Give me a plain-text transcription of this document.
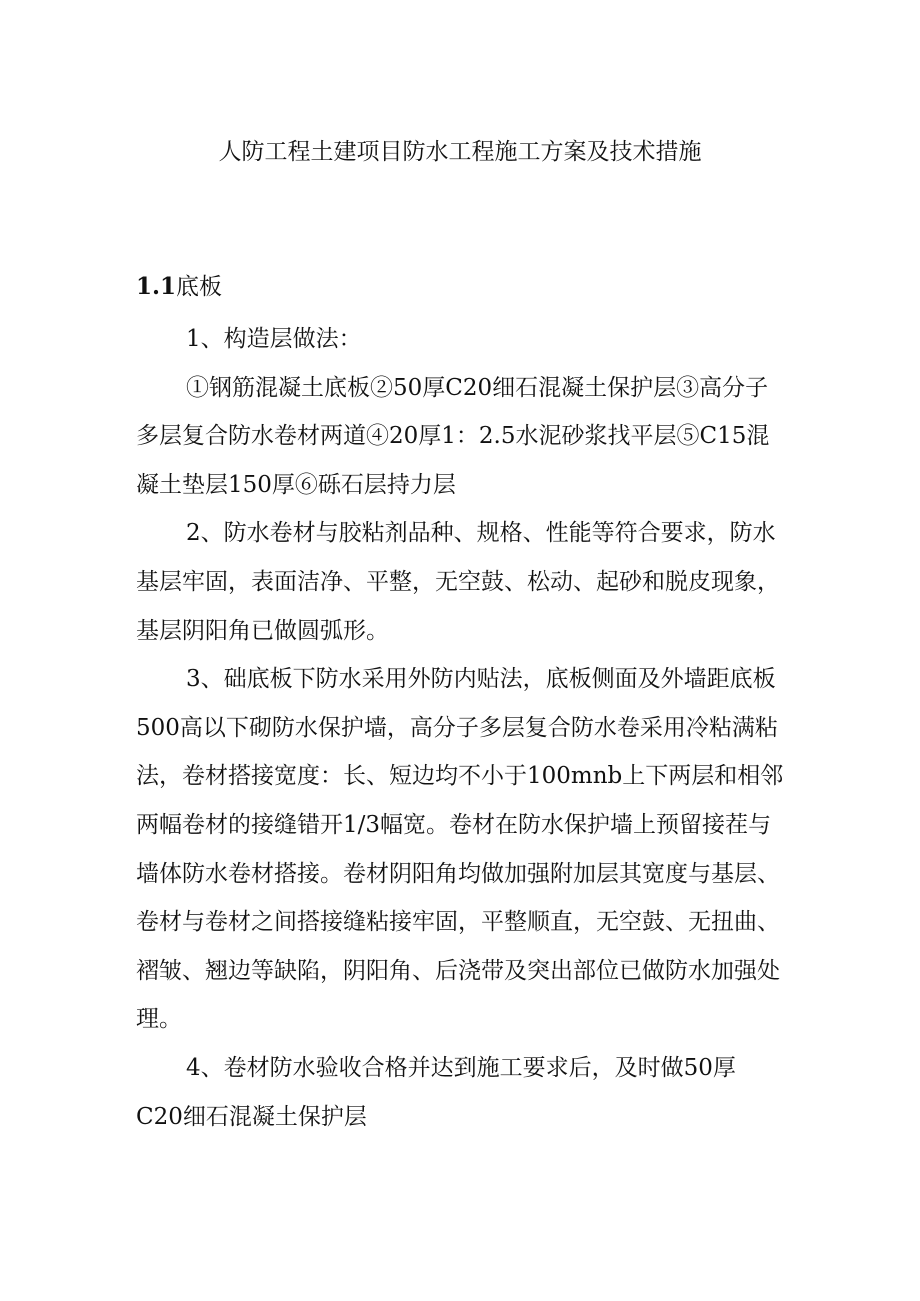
人防工程土建项目防水工程施工方案及技术措施
1.1底板
1、构造层做法：
①钢筋混凝土底板②50厚C20细石混凝土保护层③高分子
多层复合防水卷材两道④20厚1：2.5水泥砂浆找平层⑤C15混
凝土垫层150厚⑥砾石层持力层
2、防水卷材与胶粘剂品种、规格、性能等符合要求，防水
基层牢固，表面洁净、平整，无空鼓、松动、起砂和脱皮现象，
基层阴阳角已做圆弧形。
3、础底板下防水采用外防内贴法，底板侧面及外墙距底板
500高以下砌防水保护墙，高分子多层复合防水卷采用冷粘满粘
法，卷材搭接宽度：长、短边均不小于100mnb上下两层和相邻
两幅卷材的接缝错开1/3幅宽。卷材在防水保护墙上预留接茬与
墙体防水卷材搭接。卷材阴阳角均做加强附加层其宽度与基层、
卷材与卷材之间搭接缝粘接牢固，平整顺直，无空鼓、无扭曲、
褶皱、翘边等缺陷，阴阳角、后浇带及突出部位已做防水加强处
理。
4、卷材防水验收合格并达到施工要求后，及时做50厚
C20细石混凝土保护层
